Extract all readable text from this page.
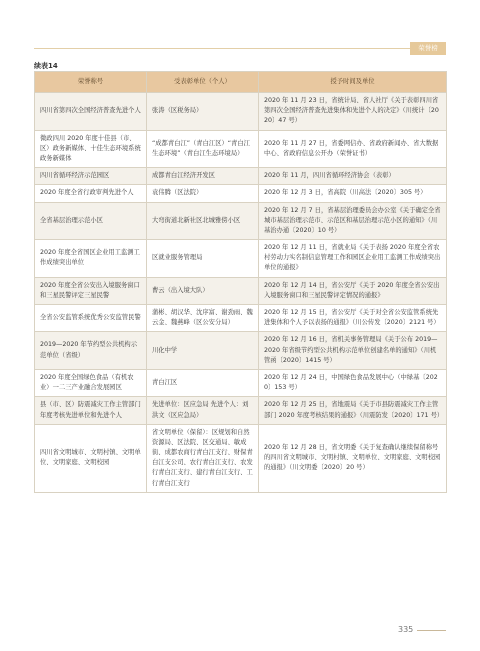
荣誉榜
续表14
荣誉称号	受表彰单位（个人）	授予时间及单位
四川省第四次全国经济普查先进个人	张涛（区税务局）	2020 年 11 月 23 日，省统计局、省人社厅《关于表彰四川省第四次全国经济普查先进集体和先进个人的决定》（川统计〔2020〕47 号）
微政四川 2020 年度十佳县（市、区）政务新媒体、十佳生态环境系统政务新媒体	“成都青白江”（青白江区）“青白江生态环境”（青白江生态环境局）	2020 年 11 月 27 日，省委网信办、省政府新闻办、省大数据中心、省政府信息公开办（荣誉证书）
四川省循环经济示范园区	成都青白江经济开发区	2020 年 11 月，四川省循环经济协会（表彰）
2020 年度全省行政审判先进个人	袁伟腾（区法院）	2020 年 12 月 3 日，省高院（川高法〔2020〕305 号）
全省基层治理示范小区	大弯街道北新社区北城雅傍小区	2020 年 12 月 7 日，省基层治理委员会办公室《关于确定全省城市基层治理示范市、示范区和基层治理示范小区的通知》（川基治办通〔2020〕10 号）
2020 年度全省国区企业用工监测工作成绩突出单位	区就业服务管理局	2020 年 12 月 11 日，省就业局《关于表扬 2020 年度全省农村劳动力实名制信息管理工作和园区企业用工监测工作成绩突出单位的通报》
2020 年度全省公安出入境服务窗口和三星民警评定三星民警	曹云（出入境大队）	2020 年 12 月 14 日，省公安厅《关于 2020 年度全省公安出入境服务窗口和三星民警评定情况的通报》
全省公安监管系统优秀公安监管民警	蒲彬、胡汉华、沈序富、谢劲雨、魏云金、魏燕峰（区公安分局）	2020 年 12 月 15 日，省公安厅《关于对全省公安监管系统先进集体和个人予以表扬的通报》（川公传发〔2020〕2121 号）
2019—2020 年节约型公共机构示范单位（省级）	川化中学	2020 年 12 月 16 日，省机关事务管理局《关于公布 2019—2020 年省级节约型公共机构示范单位创建名单的通知》（川机管函〔2020〕1415 号）
2020 年度全国绿色食品（有机农业）一二三产业融合发展园区	青白江区	2020 年 12 月 24 日，中国绿色食品发展中心（中绿基〔2020〕153 号）
县（市、区）防震减灾工作主管部门年度考核先进单位和先进个人	先进单位：区应急局 先进个人：刘洪文（区应急局）	2020 年 12 月 25 日，省地震局《关于市县防震减灾工作主管部门 2020 年度考核结果的通报》（川震防发〔2020〕171 号）
四川省文明城市、文明村镇、文明单位、文明家庭、文明校园	省文明单位（保留）：区规划和自然资源局、区法院、区交通局、敏成街、成都农商行青白江支行、财保青白江支公司、农行青白江支行、农发行青白江支行、建行青白江支行、工行青白江支行	2020 年 12 月 28 日，省文明委《关于复查确认继续保留称号的四川省文明城市、文明村镇、文明单位、文明家庭、文明校园的通报》（川文明委〔2020〕20 号）
335
